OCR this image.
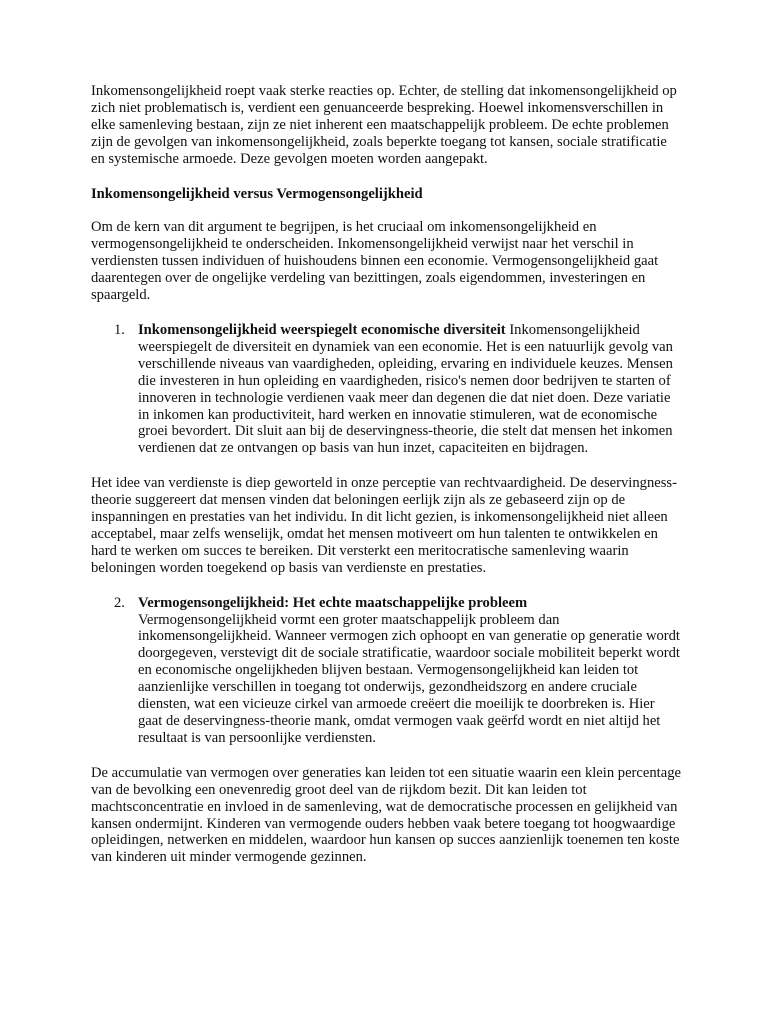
Inkomensongelijkheid roept vaak sterke reacties op. Echter, de stelling dat inkomensongelijkheid op zich niet problematisch is, verdient een genuanceerde bespreking. Hoewel inkomensverschillen in elke samenleving bestaan, zijn ze niet inherent een maatschappelijk probleem. De echte problemen zijn de gevolgen van inkomensongelijkheid, zoals beperkte toegang tot kansen, sociale stratificatie en systemische armoede. Deze gevolgen moeten worden aangepakt.

Inkomensongelijkheid versus Vermogensongelijkheid

Om de kern van dit argument te begrijpen, is het cruciaal om inkomensongelijkheid en vermogensongelijkheid te onderscheiden. Inkomensongelijkheid verwijst naar het verschil in verdiensten tussen individuen of huishoudens binnen een economie. Vermogensongelijkheid gaat daarentegen over de ongelijke verdeling van bezittingen, zoals eigendommen, investeringen en spaargeld.

1. Inkomensongelijkheid weerspiegelt economische diversiteit Inkomensongelijkheid weerspiegelt de diversiteit en dynamiek van een economie. Het is een natuurlijk gevolg van verschillende niveaus van vaardigheden, opleiding, ervaring en individuele keuzes. Mensen die investeren in hun opleiding en vaardigheden, risico's nemen door bedrijven te starten of innoveren in technologie verdienen vaak meer dan degenen die dat niet doen. Deze variatie in inkomen kan productiviteit, hard werken en innovatie stimuleren, wat de economische groei bevordert. Dit sluit aan bij de deservingness-theorie, die stelt dat mensen het inkomen verdienen dat ze ontvangen op basis van hun inzet, capaciteiten en bijdragen.

Het idee van verdienste is diep geworteld in onze perceptie van rechtvaardigheid. De deservingness-theorie suggereert dat mensen vinden dat beloningen eerlijk zijn als ze gebaseerd zijn op de inspanningen en prestaties van het individu. In dit licht gezien, is inkomensongelijkheid niet alleen acceptabel, maar zelfs wenselijk, omdat het mensen motiveert om hun talenten te ontwikkelen en hard te werken om succes te bereiken. Dit versterkt een meritocratische samenleving waarin beloningen worden toegekend op basis van verdienste en prestaties.

2. Vermogensongelijkheid: Het echte maatschappelijke probleem
Vermogensongelijkheid vormt een groter maatschappelijk probleem dan inkomensongelijkheid. Wanneer vermogen zich ophoopt en van generatie op generatie wordt doorgegeven, verstevigt dit de sociale stratificatie, waardoor sociale mobiliteit beperkt wordt en economische ongelijkheden blijven bestaan. Vermogensongelijkheid kan leiden tot aanzienlijke verschillen in toegang tot onderwijs, gezondheidszorg en andere cruciale diensten, wat een vicieuze cirkel van armoede creëert die moeilijk te doorbreken is. Hier gaat de deservingness-theorie mank, omdat vermogen vaak geërfd wordt en niet altijd het resultaat is van persoonlijke verdiensten.

De accumulatie van vermogen over generaties kan leiden tot een situatie waarin een klein percentage van de bevolking een onevenredig groot deel van de rijkdom bezit. Dit kan leiden tot machtsconcentratie en invloed in de samenleving, wat de democratische processen en gelijkheid van kansen ondermijnt. Kinderen van vermogende ouders hebben vaak betere toegang tot hoogwaardige opleidingen, netwerken en middelen, waardoor hun kansen op succes aanzienlijk toenemen ten koste van kinderen uit minder vermogende gezinnen.
